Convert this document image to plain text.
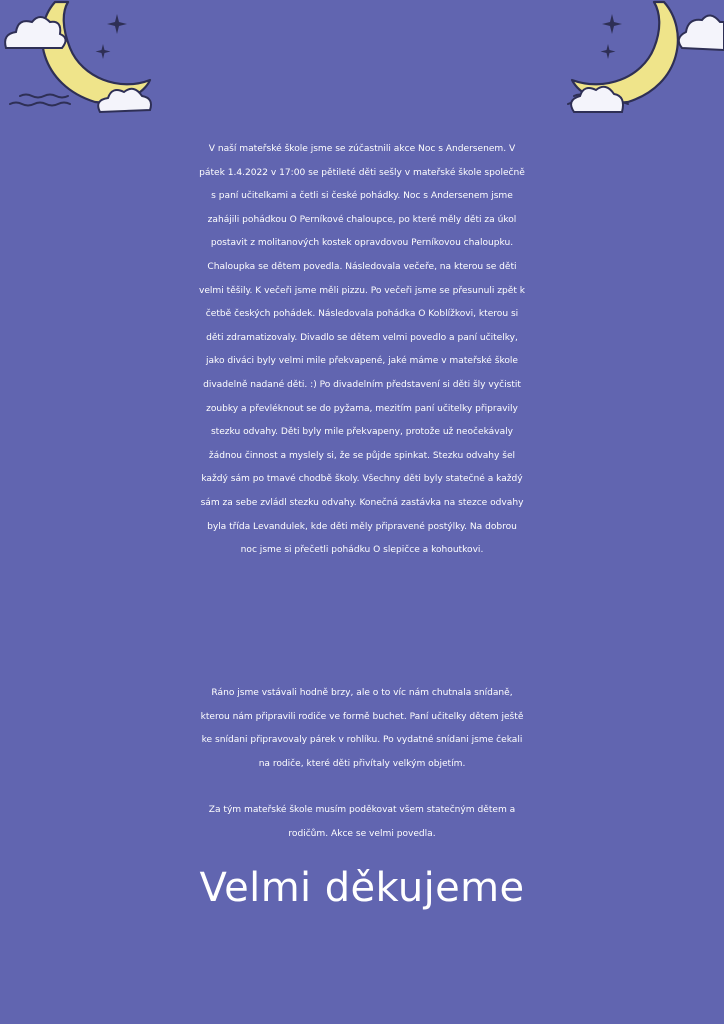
V naší mateřské škole jsme se zúčastnili akce Noc s Andersenem. V
pátek 1.4.2022 v 17:00 se pětileté děti sešly v mateřské škole společně
s paní učitelkami a četli si české pohádky. Noc s Andersenem jsme
zahájili pohádkou O Perníkové chaloupce, po které měly děti za úkol
postavit z molitanových kostek opravdovou Perníkovou chaloupku.
Chaloupka se dětem povedla. Následovala večeře, na kterou se děti
velmi těšily. K večeři jsme měli pizzu. Po večeři jsme se přesunuli zpět k
četbě českých pohádek. Následovala pohádka O Koblížkovi, kterou si
děti zdramatizovaly. Divadlo se dětem velmi povedlo a paní učitelky,
jako diváci byly velmi mile překvapené, jaké máme v mateřské škole
divadelně nadané děti. :) Po divadelním představení si děti šly vyčistit
zoubky a převléknout se do pyžama, mezitím paní učitelky připravily
stezku odvahy. Děti byly mile překvapeny, protože už neočekávaly
žádnou činnost a myslely si, že se půjde spinkat. Stezku odvahy šel
každý sám po tmavé chodbě školy. Všechny děti byly statečné a každý
sám za sebe zvládl stezku odvahy. Konečná zastávka na stezce odvahy
byla třída Levandulek, kde děti měly připravené postýlky. Na dobrou
noc jsme si přečetli pohádku O slepičce a kohoutkovi.
Ráno jsme vstávali hodně brzy, ale o to víc nám chutnala snídaně,
kterou nám připravili rodiče ve formě buchet. Paní učitelky dětem ještě
ke snídani připravovaly párek v rohlíku. Po vydatné snídani jsme čekali
na rodiče, které děti přivítaly velkým objetím.
Za tým mateřské škole musím poděkovat všem statečným dětem a
rodičům. Akce se velmi povedla.
Velmi děkujeme
